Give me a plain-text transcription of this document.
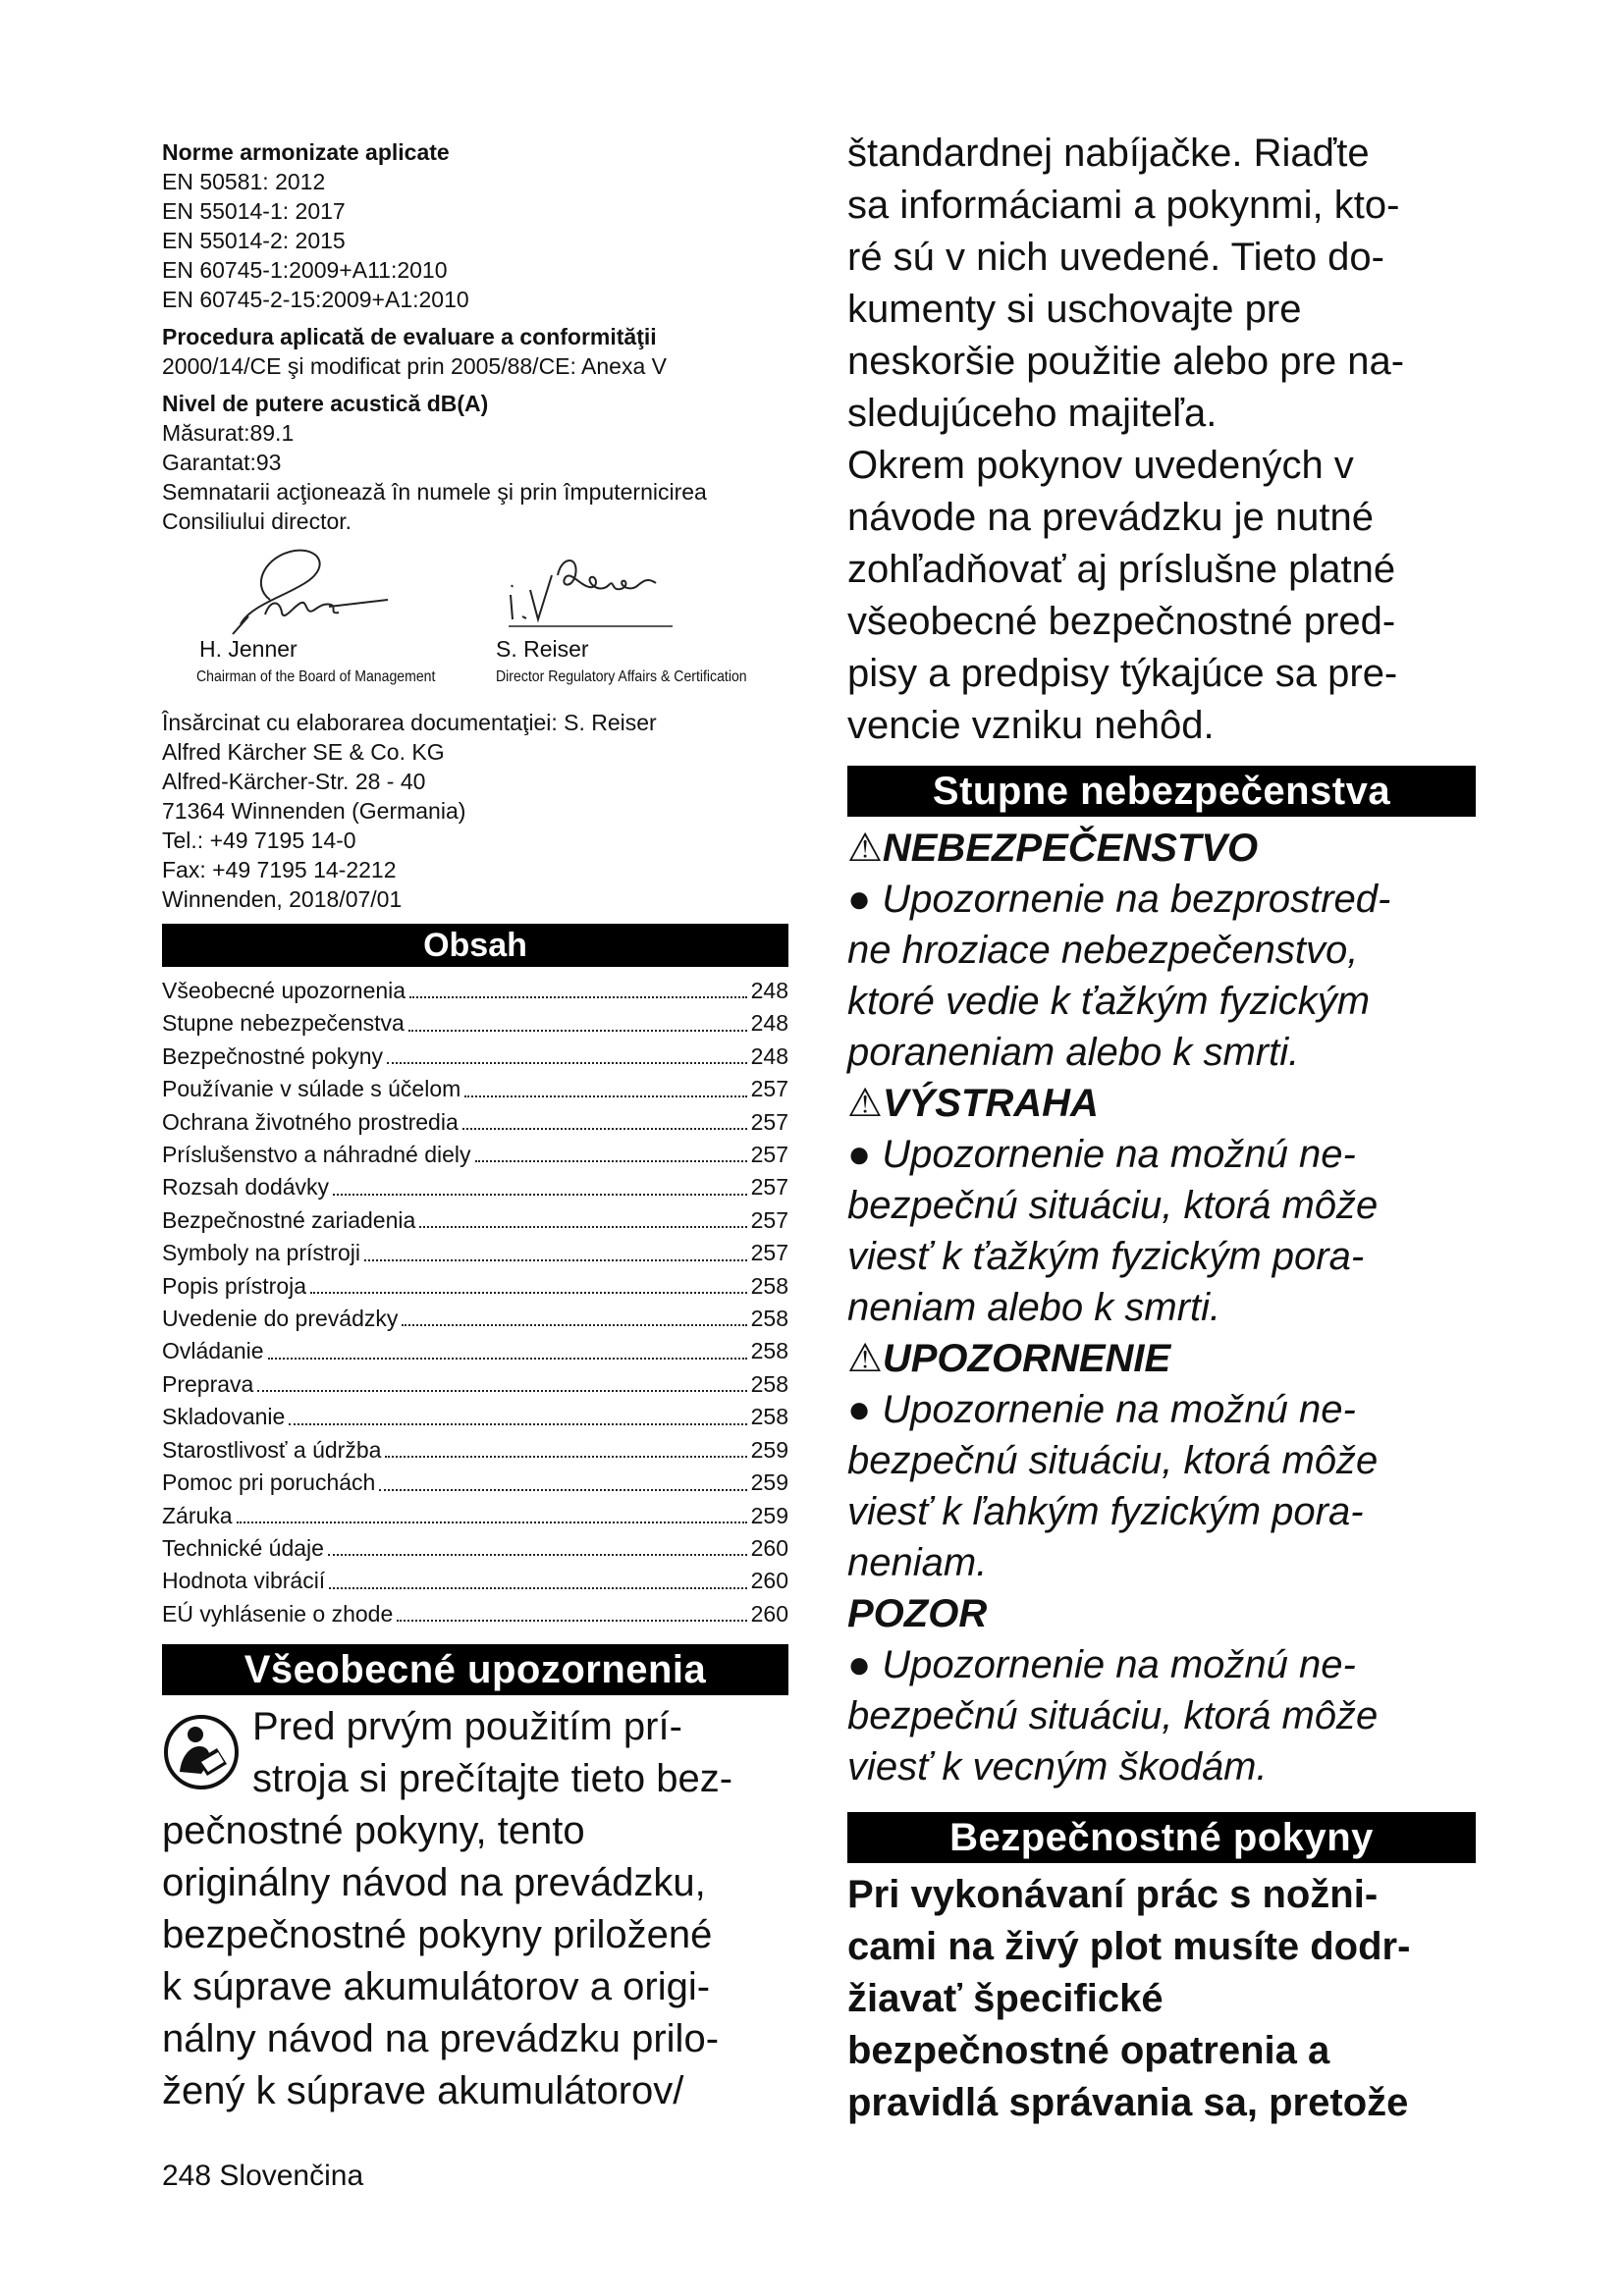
Norme armonizate aplicate
EN 50581: 2012
EN 55014-1: 2017
EN 55014-2: 2015
EN 60745-1:2009+A11:2010
EN 60745-2-15:2009+A1:2010
Procedura aplicată de evaluare a conformităţii
2000/14/CE şi modificat prin 2005/88/CE: Anexa V
Nivel de putere acustică dB(A)
Măsurat:89.1
Garantat:93
Semnatarii acţionează în numele şi prin împuternicirea
Consiliului director.
H. Jenner
Chairman of the Board of Management
S. Reiser
Director Regulatory Affairs & Certification
Însărcinat cu elaborarea documentaţiei: S. Reiser
Alfred Kärcher SE & Co. KG
Alfred-Kärcher-Str. 28 - 40
71364 Winnenden (Germania)
Tel.: +49 7195 14-0
Fax: +49 7195 14-2212
Winnenden, 2018/07/01
Obsah
Všeobecné upozornenia	248
Stupne nebezpečenstva	248
Bezpečnostné pokyny	248
Používanie v súlade s účelom	257
Ochrana životného prostredia	257
Príslušenstvo a náhradné diely	257
Rozsah dodávky	257
Bezpečnostné zariadenia	257
Symboly na prístroji	257
Popis prístroja	258
Uvedenie do prevádzky	258
Ovládanie	258
Preprava	258
Skladovanie	258
Starostlivosť a údržba	259
Pomoc pri poruchách	259
Záruka	259
Technické údaje	260
Hodnota vibrácií	260
EÚ vyhlásenie o zhode	260
Všeobecné upozornenia
Pred prvým použitím prí-
stroja si prečítajte tieto bez-
pečnostné pokyny, tento
originálny návod na prevádzku,
bezpečnostné pokyny priložené
k súprave akumulátorov a origi-
nálny návod na prevádzku prilo-
žený k súprave akumulátorov/
štandardnej nabíjačke. Riaďte
sa informáciami a pokynmi, kto-
ré sú v nich uvedené. Tieto do-
kumenty si uschovajte pre
neskoršie použitie alebo pre na-
sledujúceho majiteľa.
Okrem pokynov uvedených v
návode na prevádzku je nutné
zohľadňovať aj príslušne platné
všeobecné bezpečnostné pred-
pisy a predpisy týkajúce sa pre-
vencie vzniku nehôd.
Stupne nebezpečenstva
⚠NEBEZPEČENSTVO
● Upozornenie na bezprostred-
ne hroziace nebezpečenstvo,
ktoré vedie k ťažkým fyzickým
poraneniam alebo k smrti.
⚠VÝSTRAHA
● Upozornenie na možnú ne-
bezpečnú situáciu, ktorá môže
viesť k ťažkým fyzickým pora-
neniam alebo k smrti.
⚠UPOZORNENIE
● Upozornenie na možnú ne-
bezpečnú situáciu, ktorá môže
viesť k ľahkým fyzickým pora-
neniam.
POZOR
● Upozornenie na možnú ne-
bezpečnú situáciu, ktorá môže
viesť k vecným škodám.
Bezpečnostné pokyny
Pri vykonávaní prác s nožni-
cami na živý plot musíte dodr-
žiavať špecifické
bezpečnostné opatrenia a
pravidlá správania sa, pretože
248 Slovenčina
